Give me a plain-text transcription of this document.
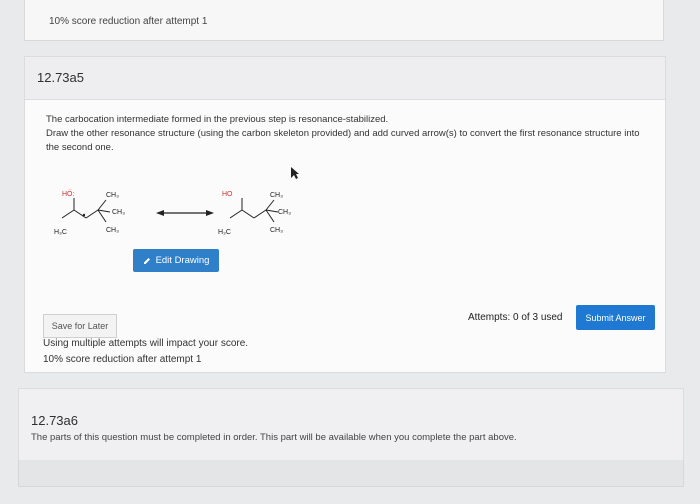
10% score reduction after attempt 1
12.73a5
The carbocation intermediate formed in the previous step is resonance-stabilized.
Draw the other resonance structure (using the carbon skeleton provided) and add curved arrow(s) to convert the first resonance structure into the second one.
HÖ:	CH₃
CH₃
CH₃
H₃C
HO	CH₃
CH₃
CH₃
H₃C
Edit Drawing
Save for Later
Attempts: 0 of 3 used	Submit Answer
Using multiple attempts will impact your score.
10% score reduction after attempt 1
12.73a6
The parts of this question must be completed in order. This part will be available when you complete the part above.
